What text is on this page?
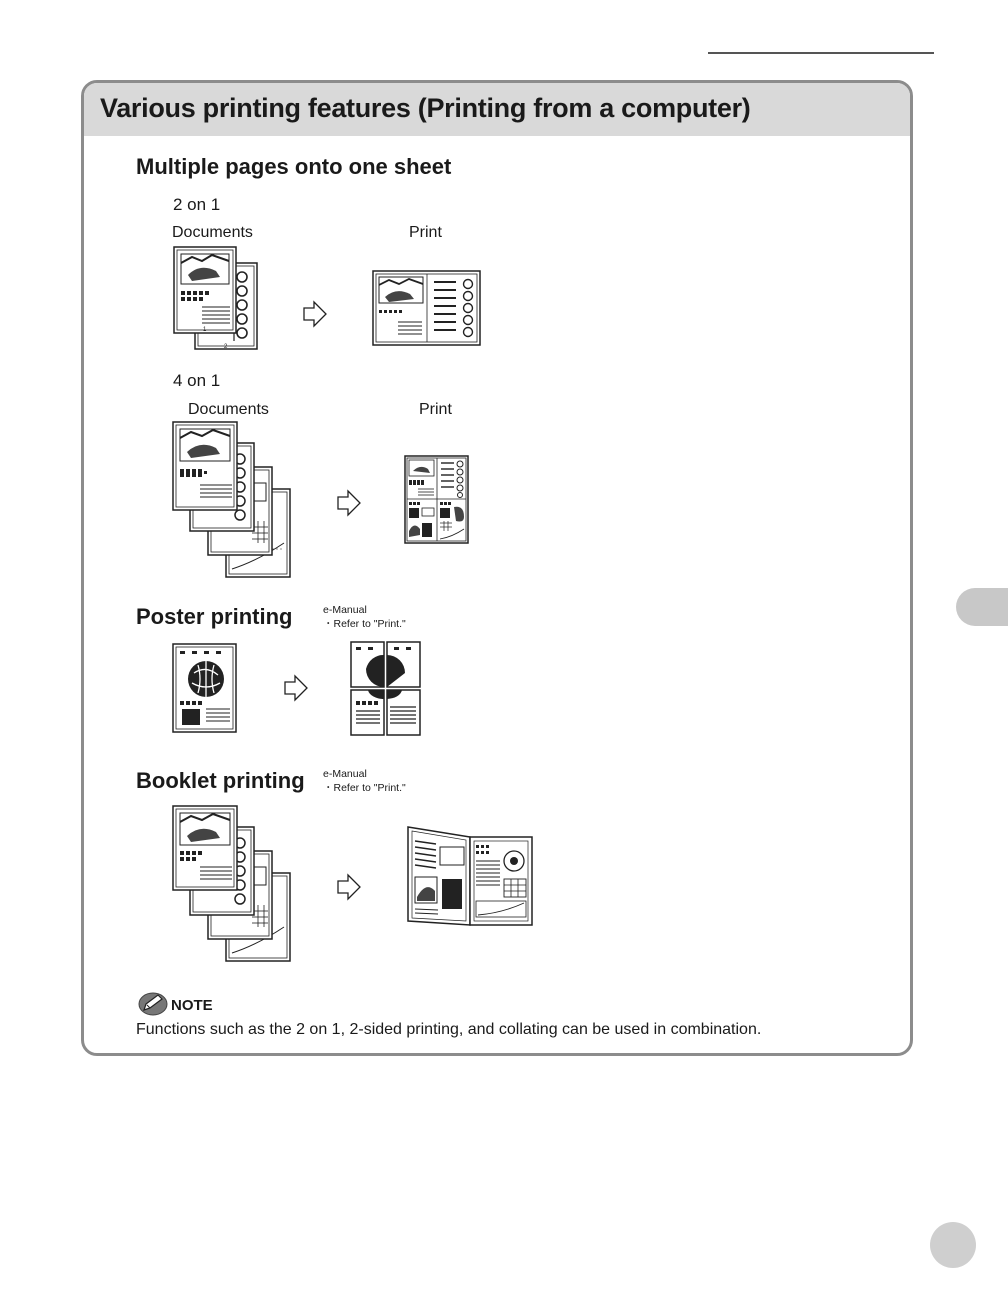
Various printing features (Printing from a computer)
Multiple pages onto one sheet
2 on 1
Documents	Print
1
2
4 on 1
Documents	Print
Poster printing	e-Manual
・Refer to "Print."
Booklet printing e-Manual
・Refer to "Print."
NOTE
Functions such as the 2 on 1, 2-sided printing, and collating can be used in combination.
